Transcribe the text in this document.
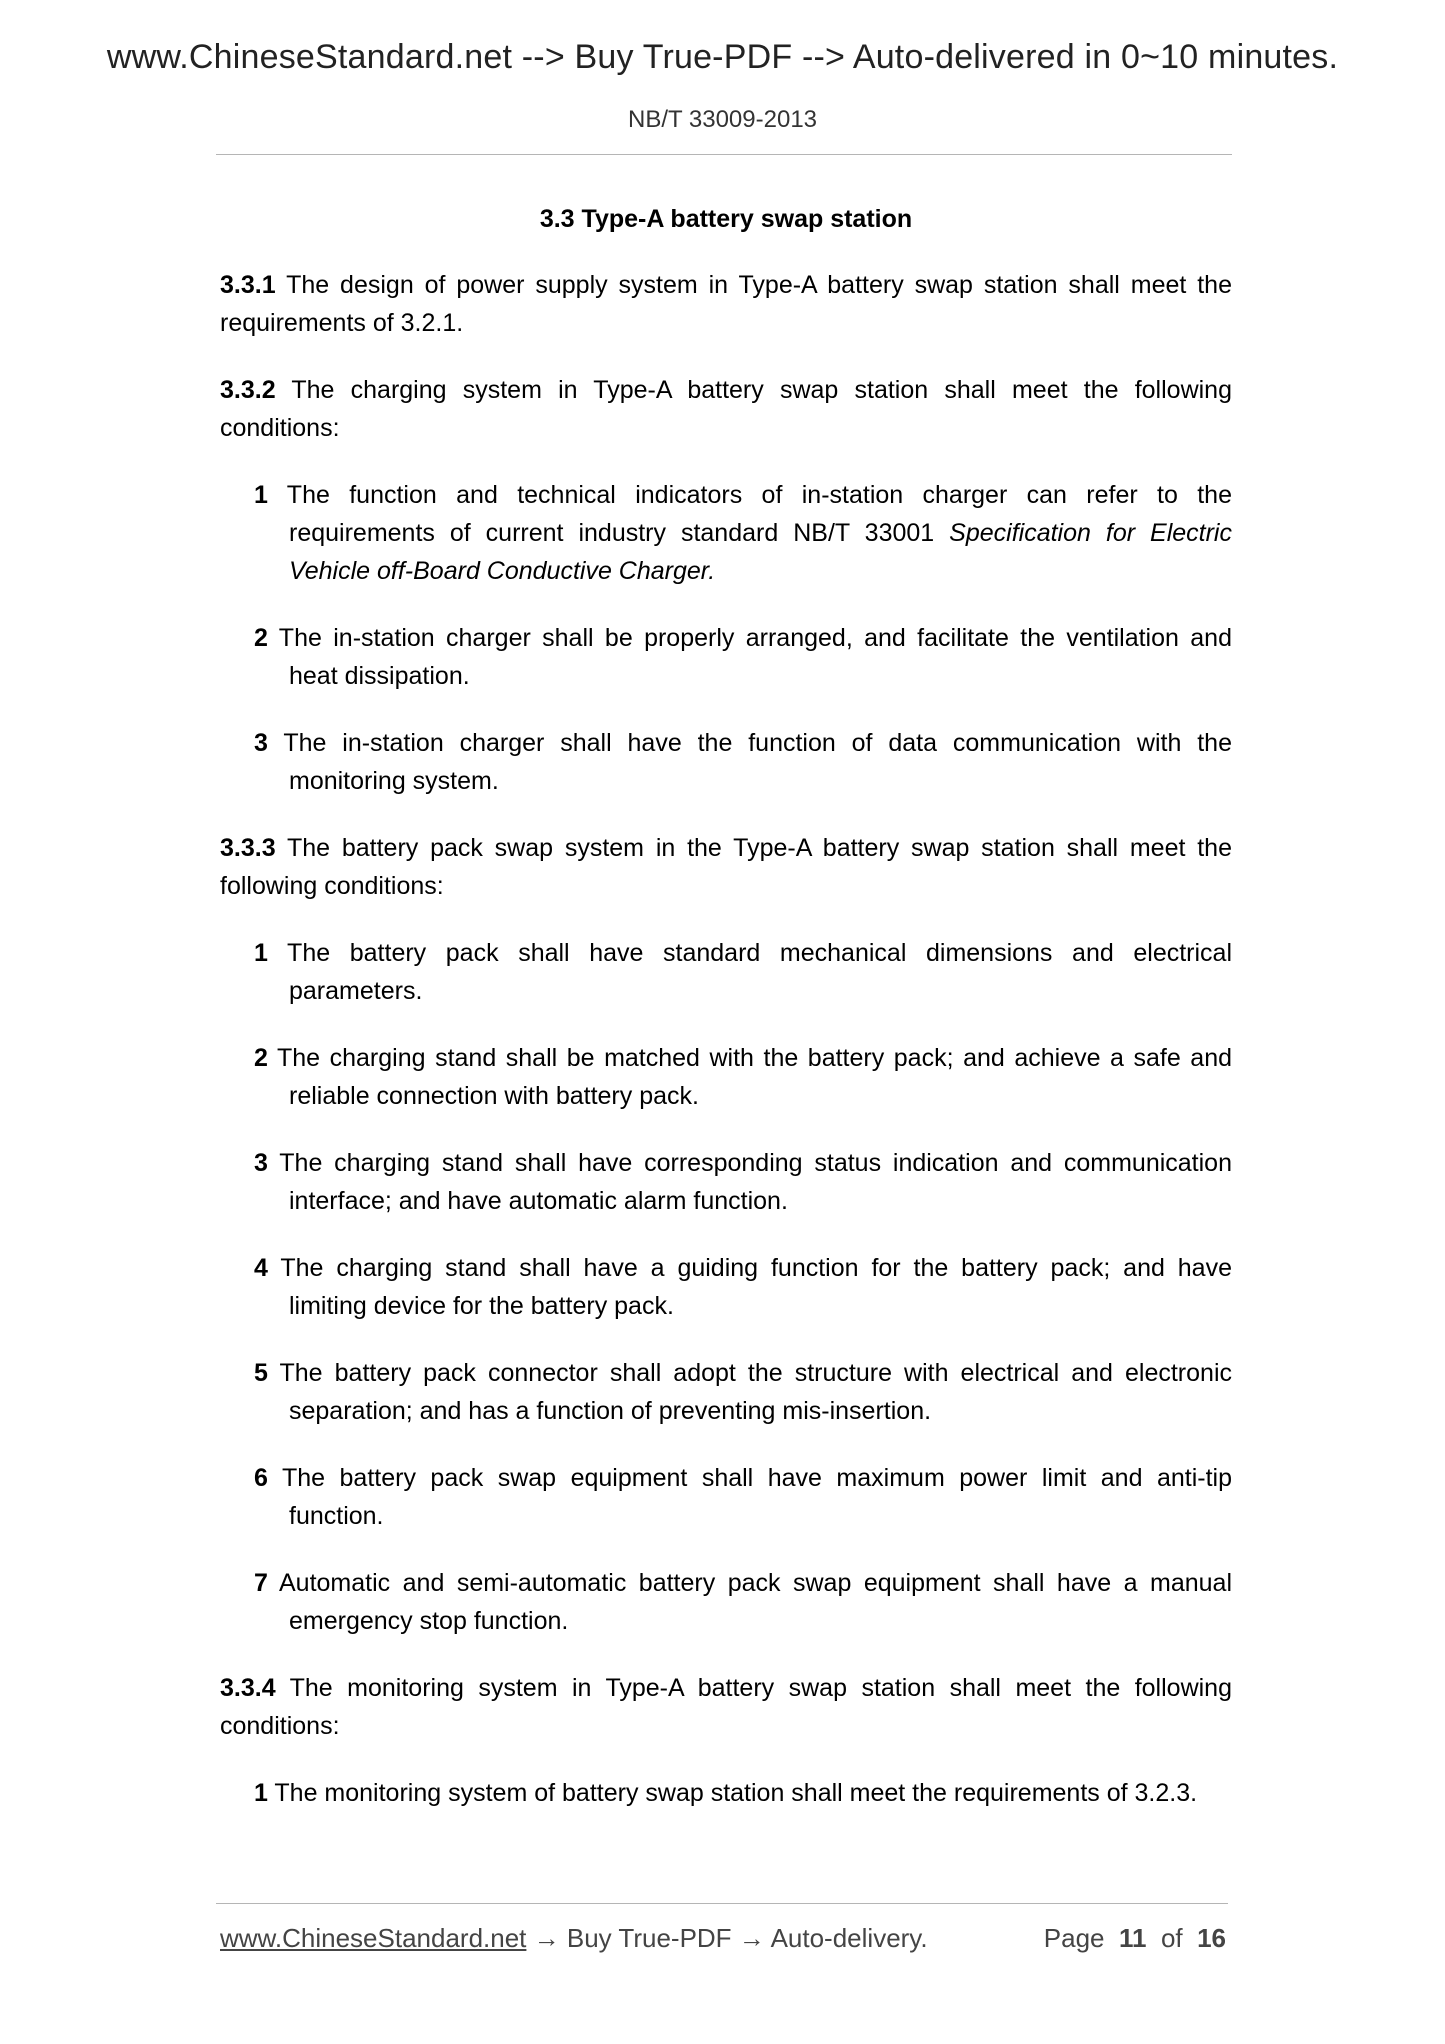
www.ChineseStandard.net --> Buy True-PDF --> Auto-delivered in 0~10 minutes.
NB/T 33009-2013
3.3 Type-A battery swap station

3.3.1 The design of power supply system in Type-A battery swap station shall meet the requirements of 3.2.1.

3.3.2 The charging system in Type-A battery swap station shall meet the following conditions:

1 The function and technical indicators of in-station charger can refer to the requirements of current industry standard NB/T 33001 Specification for Electric Vehicle off-Board Conductive Charger.

2 The in-station charger shall be properly arranged, and facilitate the ventilation and heat dissipation.

3 The in-station charger shall have the function of data communication with the monitoring system.

3.3.3 The battery pack swap system in the Type-A battery swap station shall meet the following conditions:

1 The battery pack shall have standard mechanical dimensions and electrical parameters.

2 The charging stand shall be matched with the battery pack; and achieve a safe and reliable connection with battery pack.

3 The charging stand shall have corresponding status indication and communication interface; and have automatic alarm function.

4 The charging stand shall have a guiding function for the battery pack; and have limiting device for the battery pack.

5 The battery pack connector shall adopt the structure with electrical and electronic separation; and has a function of preventing mis-insertion.

6 The battery pack swap equipment shall have maximum power limit and anti-tip function.

7 Automatic and semi-automatic battery pack swap equipment shall have a manual emergency stop function.

3.3.4 The monitoring system in Type-A battery swap station shall meet the following conditions:

1 The monitoring system of battery swap station shall meet the requirements of 3.2.3.

www.ChineseStandard.net → Buy True-PDF → Auto-delivery.	Page 11 of 16
